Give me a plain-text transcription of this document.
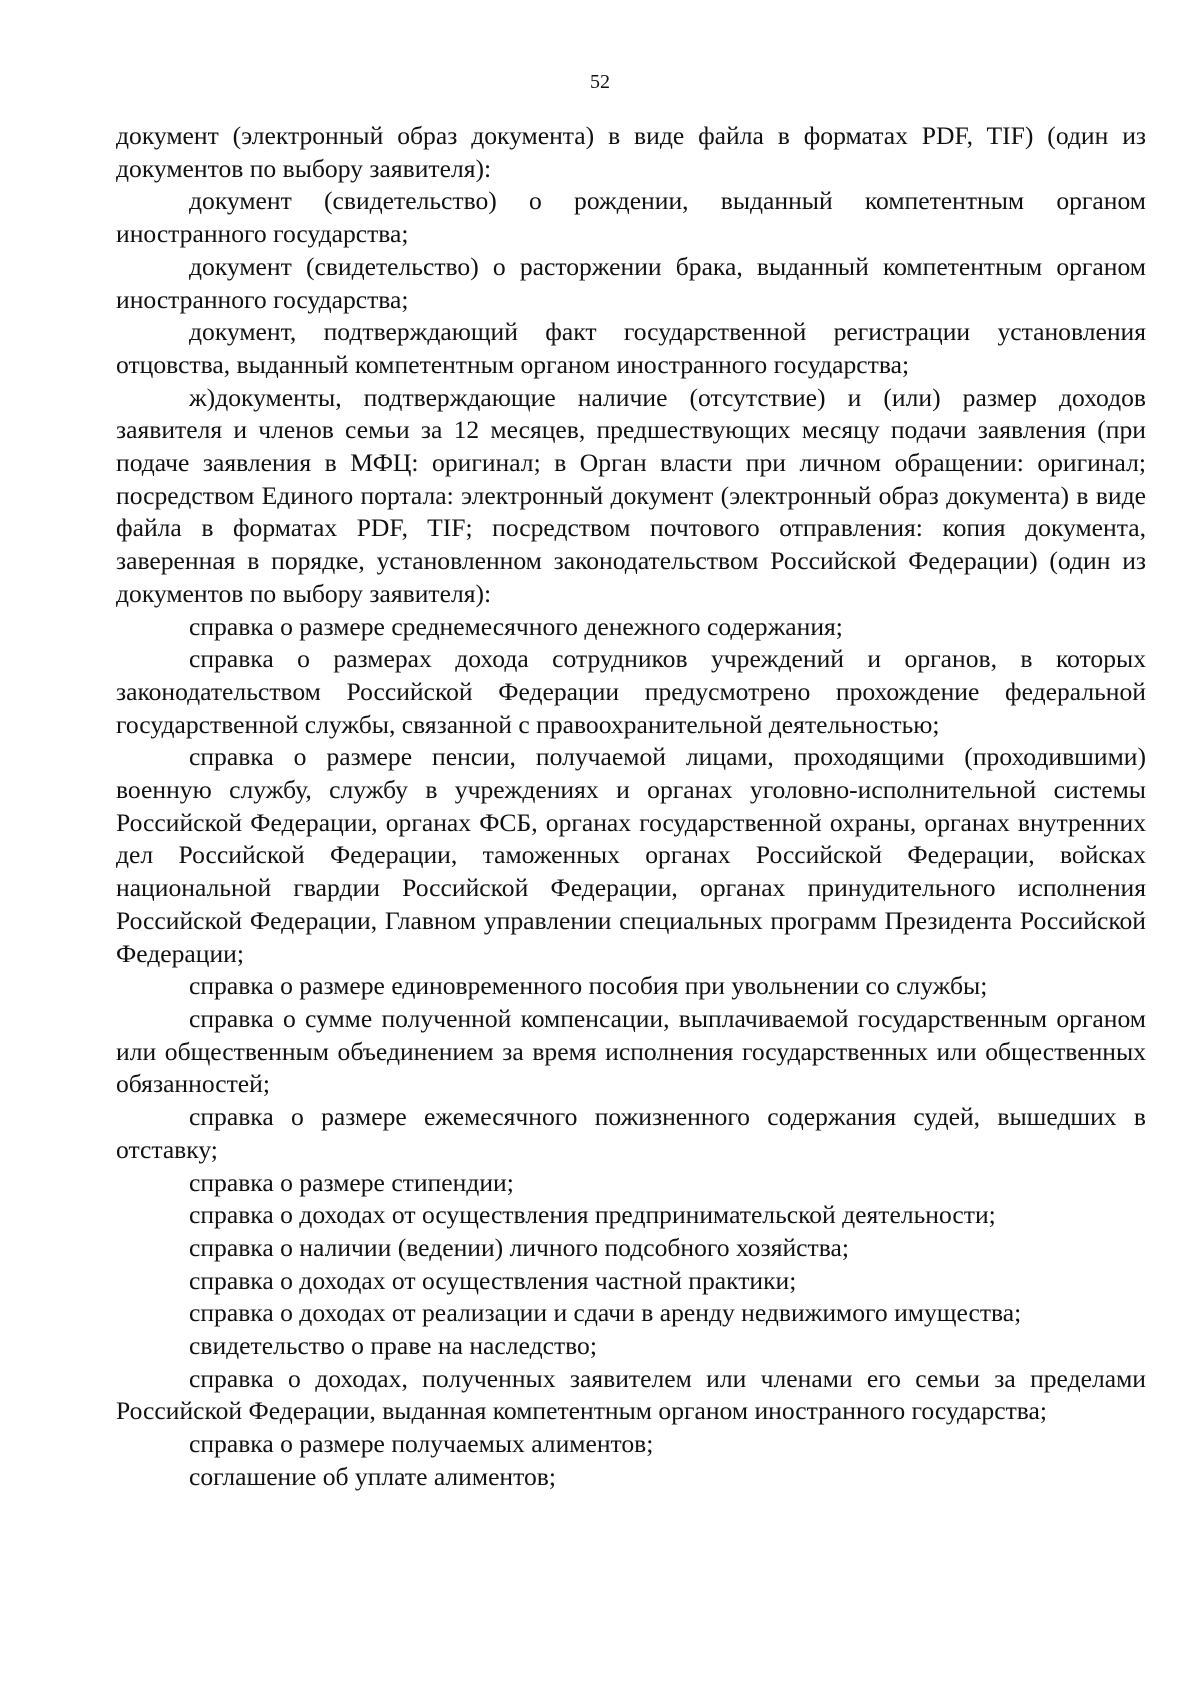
52

документ (электронный образ документа) в виде файла в форматах PDF, TIF) (один из документов по выбору заявителя):

документ (свидетельство) о рождении, выданный компетентным органом иностранного государства;

документ (свидетельство) о расторжении брака, выданный компетентным органом иностранного государства;

документ, подтверждающий факт государственной регистрации установления отцовства, выданный компетентным органом иностранного государства;

ж)документы, подтверждающие наличие (отсутствие) и (или) размер доходов заявителя и членов семьи за 12 месяцев, предшествующих месяцу подачи заявления (при подаче заявления в МФЦ: оригинал; в Орган власти при личном обращении: оригинал; посредством Единого портала: электронный документ (электронный образ документа) в виде файла в форматах PDF, TIF; посредством почтового отправления: копия документа, заверенная в порядке, установленном законодательством Российской Федерации) (один из документов по выбору заявителя):

справка о размере среднемесячного денежного содержания;

справка о размерах дохода сотрудников учреждений и органов, в которых законодательством Российской Федерации предусмотрено прохождение федеральной государственной службы, связанной с правоохранительной деятельностью;

справка о размере пенсии, получаемой лицами, проходящими (проходившими) военную службу, службу в учреждениях и органах уголовно-исполнительной системы Российской Федерации, органах ФСБ, органах государственной охраны, органах внутренних дел Российской Федерации, таможенных органах Российской Федерации, войсках национальной гвардии Российской Федерации, органах принудительного исполнения Российской Федерации, Главном управлении специальных программ Президента Российской Федерации;

справка о размере единовременного пособия при увольнении со службы;

справка о сумме полученной компенсации, выплачиваемой государственным органом или общественным объединением за время исполнения государственных или общественных обязанностей;

справка о размере ежемесячного пожизненного содержания судей, вышедших в отставку;

справка о размере стипендии;

справка о доходах от осуществления предпринимательской деятельности;

справка о наличии (ведении) личного подсобного хозяйства;

справка о доходах от осуществления частной практики;

справка о доходах от реализации и сдачи в аренду недвижимого имущества;

свидетельство о праве на наследство;

справка о доходах, полученных заявителем или членами его семьи за пределами Российской Федерации, выданная компетентным органом иностранного государства;

справка о размере получаемых алиментов;

соглашение об уплате алиментов;
